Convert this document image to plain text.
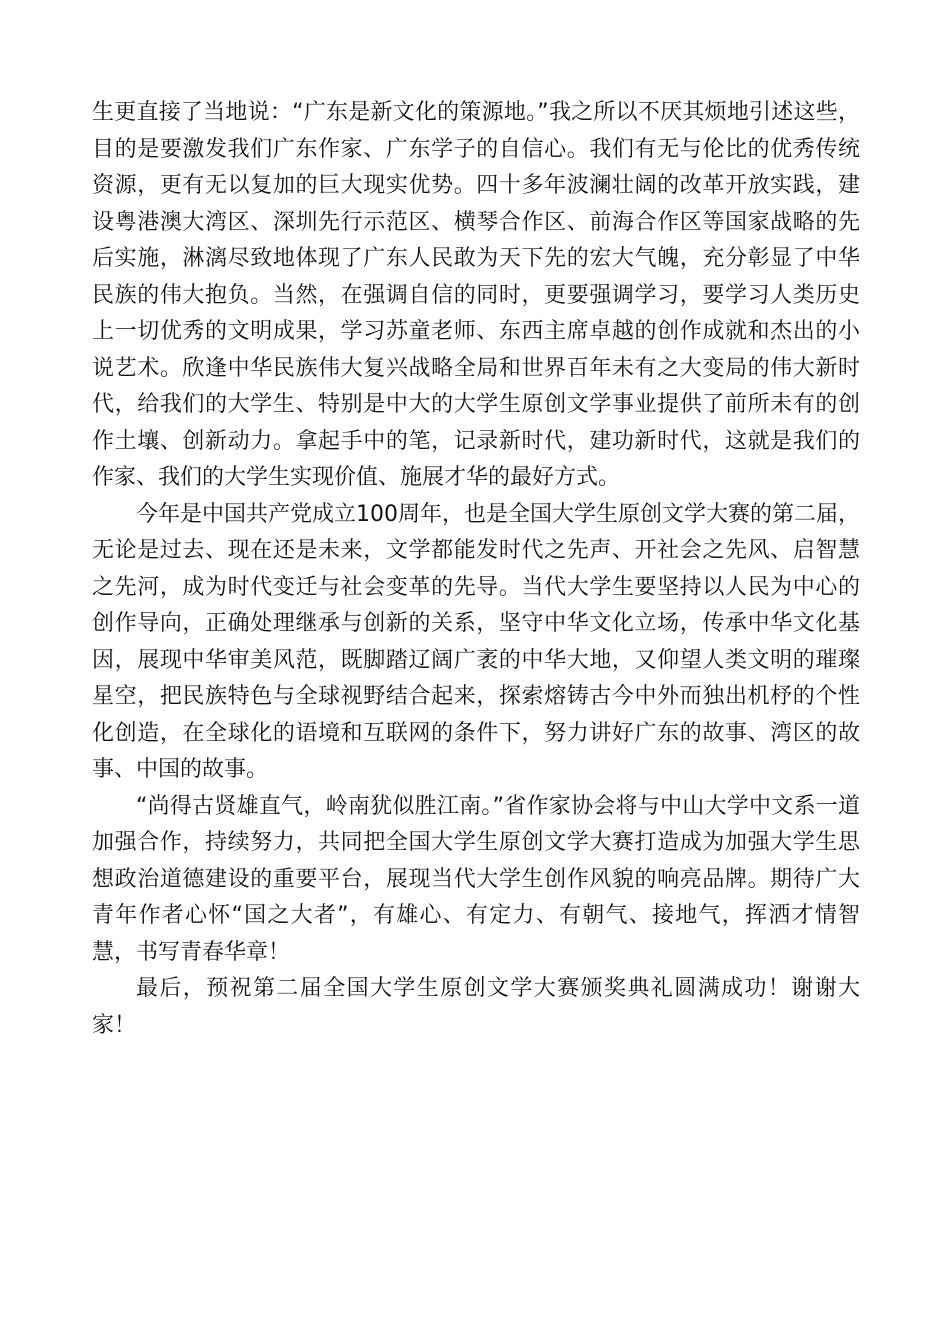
生更直接了当地说：“广东是新文化的策源地。”我之所以不厌其烦地引述这些，目的是要激发我们广东作家、广东学子的自信心。我们有无与伦比的优秀传统资源，更有无以复加的巨大现实优势。四十多年波澜壮阔的改革开放实践，建设粤港澳大湾区、深圳先行示范区、横琴合作区、前海合作区等国家战略的先后实施，淋漓尽致地体现了广东人民敢为天下先的宏大气魄，充分彰显了中华民族的伟大抱负。当然，在强调自信的同时，更要强调学习，要学习人类历史上一切优秀的文明成果，学习苏童老师、东西主席卓越的创作成就和杰出的小说艺术。欣逢中华民族伟大复兴战略全局和世界百年未有之大变局的伟大新时代，给我们的大学生、特别是中大的大学生原创文学事业提供了前所未有的创作土壤、创新动力。拿起手中的笔，记录新时代，建功新时代，这就是我们的作家、我们的大学生实现价值、施展才华的最好方式。

今年是中国共产党成立100周年，也是全国大学生原创文学大赛的第二届，无论是过去、现在还是未来，文学都能发时代之先声、开社会之先风、启智慧之先河，成为时代变迁与社会变革的先导。当代大学生要坚持以人民为中心的创作导向，正确处理继承与创新的关系，坚守中华文化立场，传承中华文化基因，展现中华审美风范，既脚踏辽阔广袤的中华大地，又仰望人类文明的璀璨星空，把民族特色与全球视野结合起来，探索熔铸古今中外而独出机杼的个性化创造，在全球化的语境和互联网的条件下，努力讲好广东的故事、湾区的故事、中国的故事。

“尚得古贤雄直气，岭南犹似胜江南。”省作家协会将与中山大学中文系一道加强合作，持续努力，共同把全国大学生原创文学大赛打造成为加强大学生思想政治道德建设的重要平台，展现当代大学生创作风貌的响亮品牌。期待广大青年作者心怀“国之大者”，有雄心、有定力、有朝气、接地气，挥洒才情智慧，书写青春华章！

最后，预祝第二届全国大学生原创文学大赛颁奖典礼圆满成功！谢谢大家！
